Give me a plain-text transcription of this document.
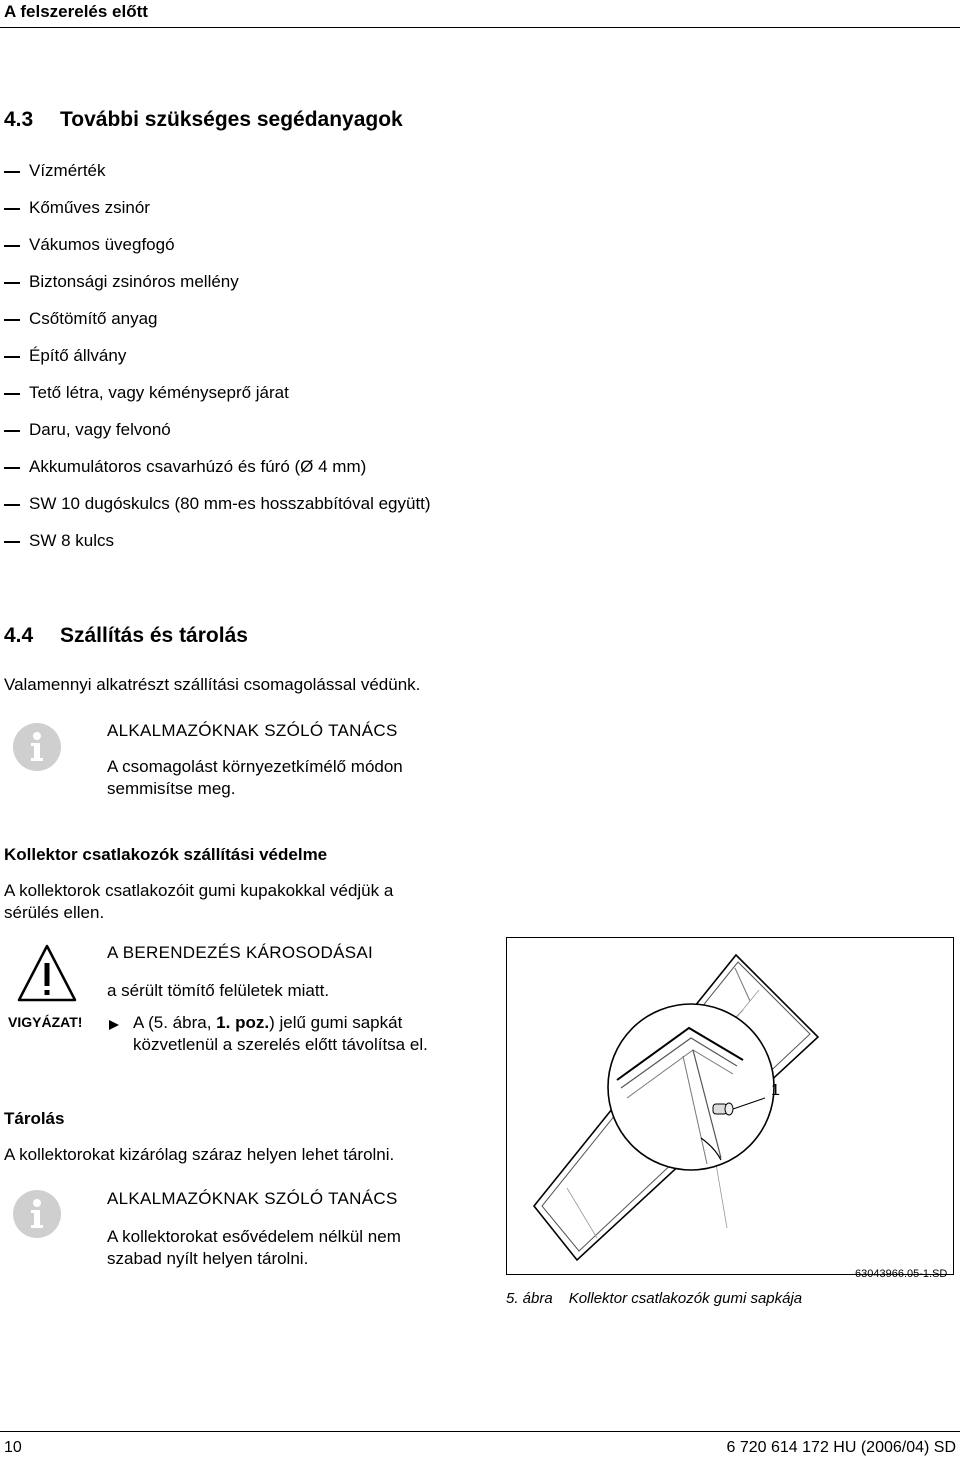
A felszerelés előtt
4.3 További szükséges segédanyagok
Vízmérték
Kőműves zsinór
Vákumos üvegfogó
Biztonsági zsinóros mellény
Csőtömítő anyag
Építő állvány
Tető létra, vagy kéményseprő járat
Daru, vagy felvonó
Akkumulátoros csavarhúzó és fúró (Ø 4 mm)
SW 10 dugóskulcs (80 mm-es hosszabbítóval együtt)
SW 8 kulcs
4.4 Szállítás és tárolás
Valamennyi alkatrészt szállítási csomagolással védünk.
ALKALMAZÓKNAK SZÓLÓ TANÁCS
A csomagolást környezetkímélő módon semmisítse meg.
Kollektor csatlakozók szállítási védelme
A kollektorok csatlakozóit gumi kupakokkal védjük a sérülés ellen.
VIGYÁZAT!
A BERENDEZÉS KÁROSODÁSAI
a sérült tömítő felületek miatt.
A (5. ábra, 1. poz.) jelű gumi sapkát közvetlenül a szerelés előtt távolítsa el.
Tárolás
A kollektorokat kizárólag száraz helyen lehet tárolni.
ALKALMAZÓKNAK SZÓLÓ TANÁCS
A kollektorokat esővédelem nélkül nem szabad nyílt helyen tárolni.
1
63043966.05-1.SD
5. ábra Kollektor csatlakozók gumi sapkája
10	6 720 614 172 HU (2006/04) SD
